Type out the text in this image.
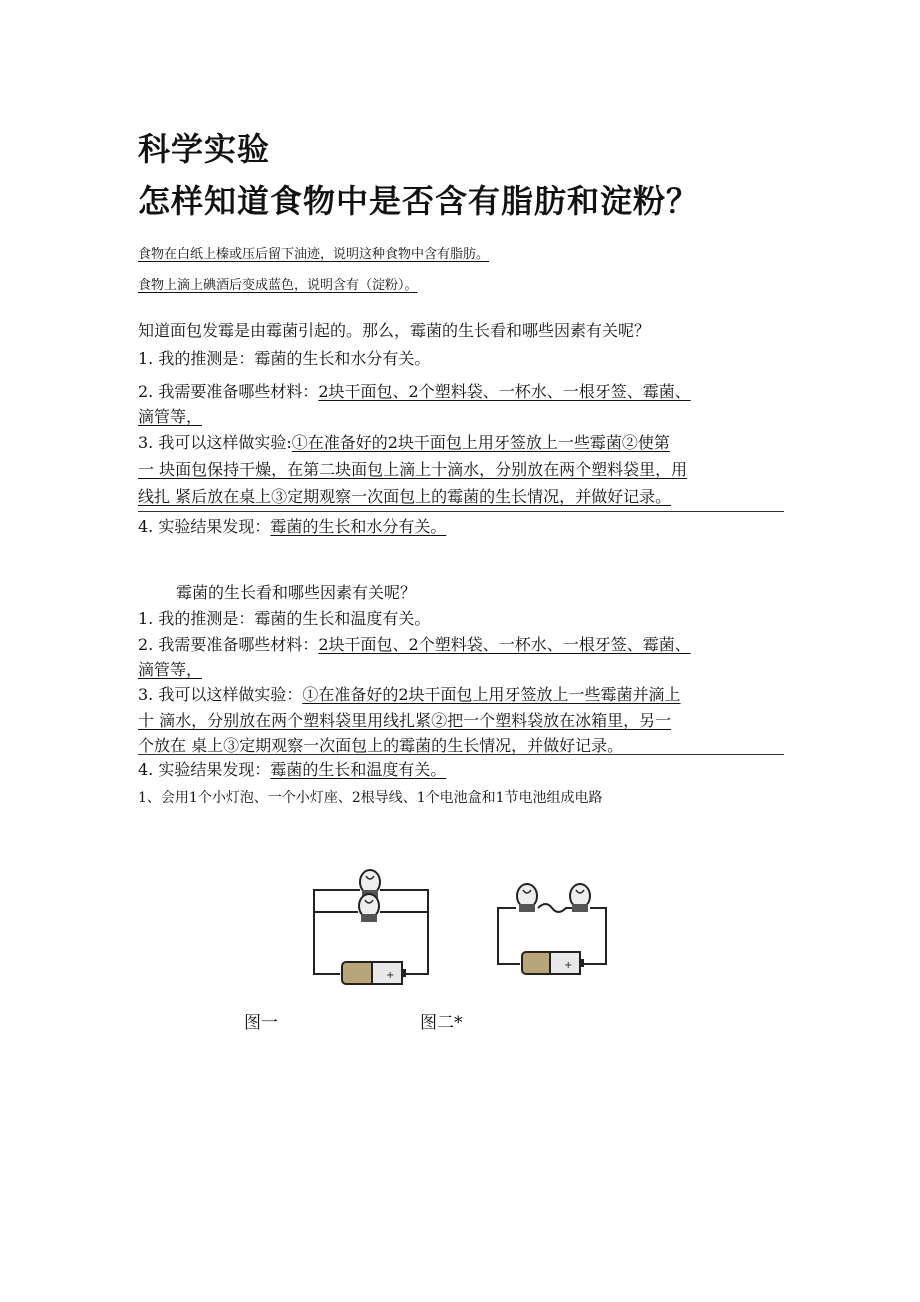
科学实验
怎样知道食物中是否含有脂肪和淀粉？
食物在白纸上榛或压后留下油迹，说明这种食物中含有脂肪。
食物上滴上碘酒后变成蓝色，说明含有（淀粉）。
知道面包发霉是由霉菌引起的。那么，霉菌的生长看和哪些因素有关呢？
1. 我的推测是：霉菌的生长和水分有关。
2. 我需要准备哪些材料：2块干面包、2个塑料袋、一杯水、一根牙签、霉菌、
滴管等，
3. 我可以这样做实验:①在准备好的2块干面包上用牙签放上一些霉菌②使第
一 块面包保持干燥，在第二块面包上滴上十滴水，分别放在两个塑料袋里，用
线扎 紧后放在桌上③定期观察一次面包上的霉菌的生长情况，并做好记录。
4. 实验结果发现：霉菌的生长和水分有关。
霉菌的生长看和哪些因素有关呢？
1. 我的推测是：霉菌的生长和温度有关。
2. 我需要准备哪些材料：2块干面包、2个塑料袋、一杯水、一根牙签、霉菌、
滴管等，
3. 我可以这样做实验：①在准备好的2块干面包上用牙签放上一些霉菌并滴上
十 滴水，分别放在两个塑料袋里用线扎紧②把一个塑料袋放在冰箱里，另一
个放在 桌上③定期观察一次面包上的霉菌的生长情况，并做好记录。
4. 实验结果发现：霉菌的生长和温度有关。
1、会用1个小灯泡、一个小灯座、2根导线、1个电池盒和1节电池组成电路
+
+
图一	图二*
